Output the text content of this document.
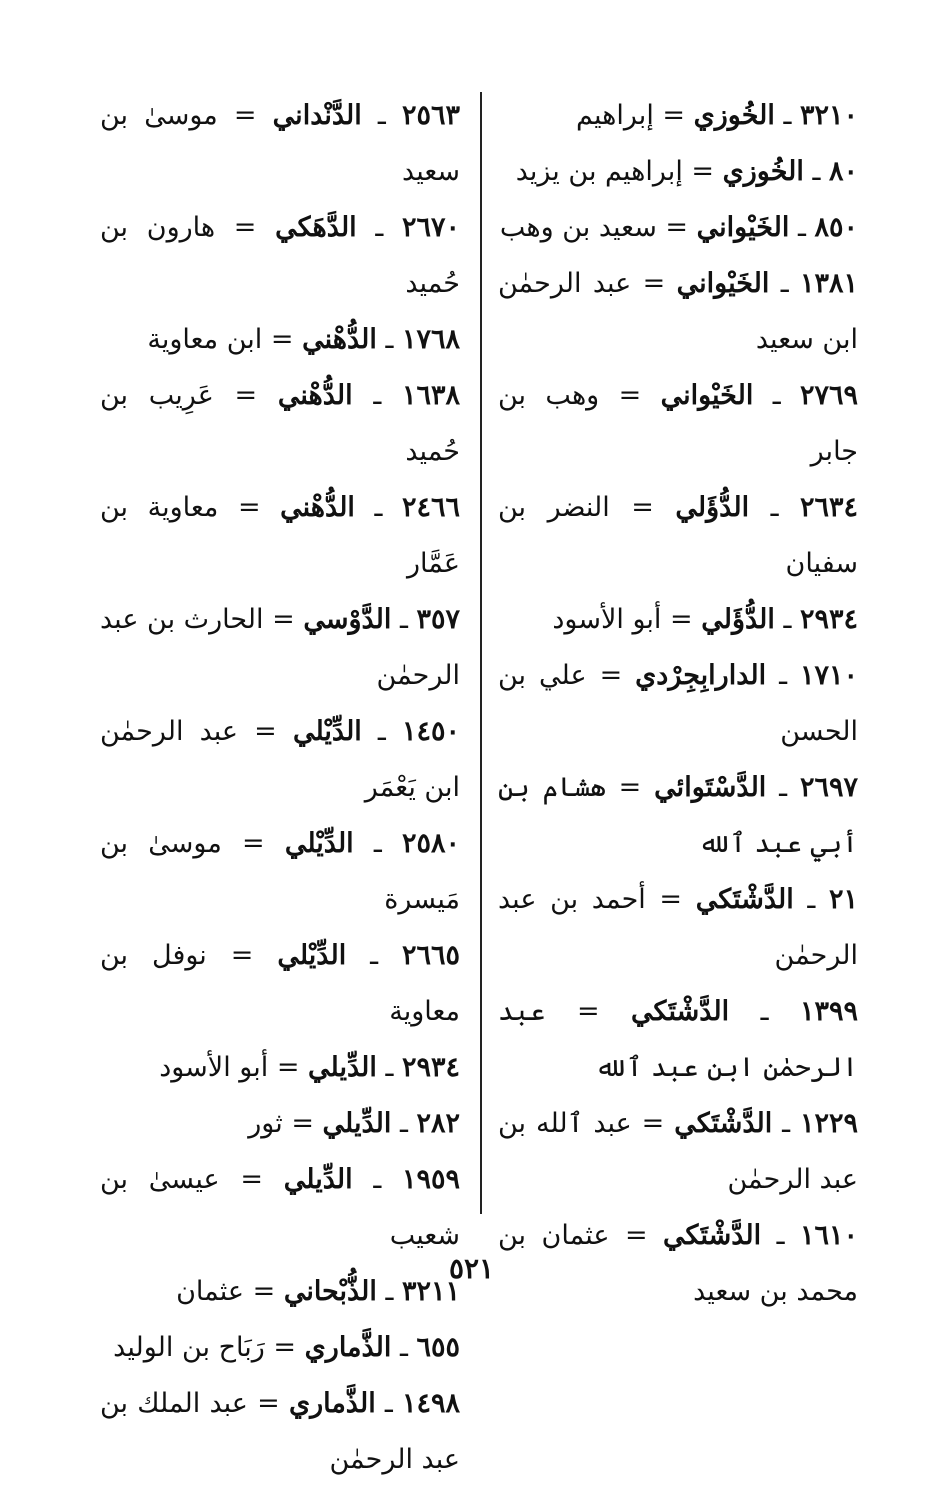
٣٢١٠ ـ الخُوزي = إبراهيم

٨٠ ـ الخُوزي = إبراهيم بن يزيد

٨٥٠ ـ الخَيْواني = سعيد بن وهب

١٣٨١ ـ الخَيْواني = عبد الرحمٰن ابن سعيد

٢٧٦٩ ـ الخَيْواني = وهب بن جابر

٢٦٣٤ ـ الدُّؤَلي = النضر بن سفيان

٢٩٣٤ ـ الدُّؤَلي = أبو الأسود

١٧١٠ ـ الدارابِجِرْدي = علي بن الحسن

٢٦٩٧ ـ الدَّسْتَوائي = هشام بن أبي عبد ٱلله

٢١ ـ الدَّشْتَكي = أحمد بن عبد الرحمٰن

١٣٩٩ ـ الدَّشْتَكي = عبد الرحمٰن ابن عبد ٱلله

١٢٢٩ ـ الدَّشْتَكي = عبد ٱلله بن عبد الرحمٰن

١٦١٠ ـ الدَّشْتَكي = عثمان بن محمد بن سعيد

٢٥٦٣ ـ الدَّنْداني = موسىٰ بن سعيد

٢٦٧٠ ـ الدَّهَكي = هارون بن حُميد

١٧٦٨ ـ الدُّهْني = ابن معاوية

١٦٣٨ ـ الدُّهْني = عَرِيب بن حُميد

٢٤٦٦ ـ الدُّهْني = معاوية بن عَمَّار

٣٥٧ ـ الدَّوْسي = الحارث بن عبد الرحمٰن

١٤٥٠ ـ الدِّيْلي = عبد الرحمٰن ابن يَعْمَر

٢٥٨٠ ـ الدِّيْلي = موسىٰ بن مَيسرة

٢٦٦٥ ـ الدِّيْلي = نوفل بن معاوية

٢٩٣٤ ـ الدِّيلي = أبو الأسود

٢٨٢ ـ الدِّيلي = ثور

١٩٥٩ ـ الدِّيلي = عيسىٰ بن شعيب

٣٢١١ ـ الذُّبْحاني = عثمان

٦٥٥ ـ الذَّماري = رَبَاح بن الوليد

١٤٩٨ ـ الذَّماري = عبد الملك بن عبد الرحمٰن

٥٢١
